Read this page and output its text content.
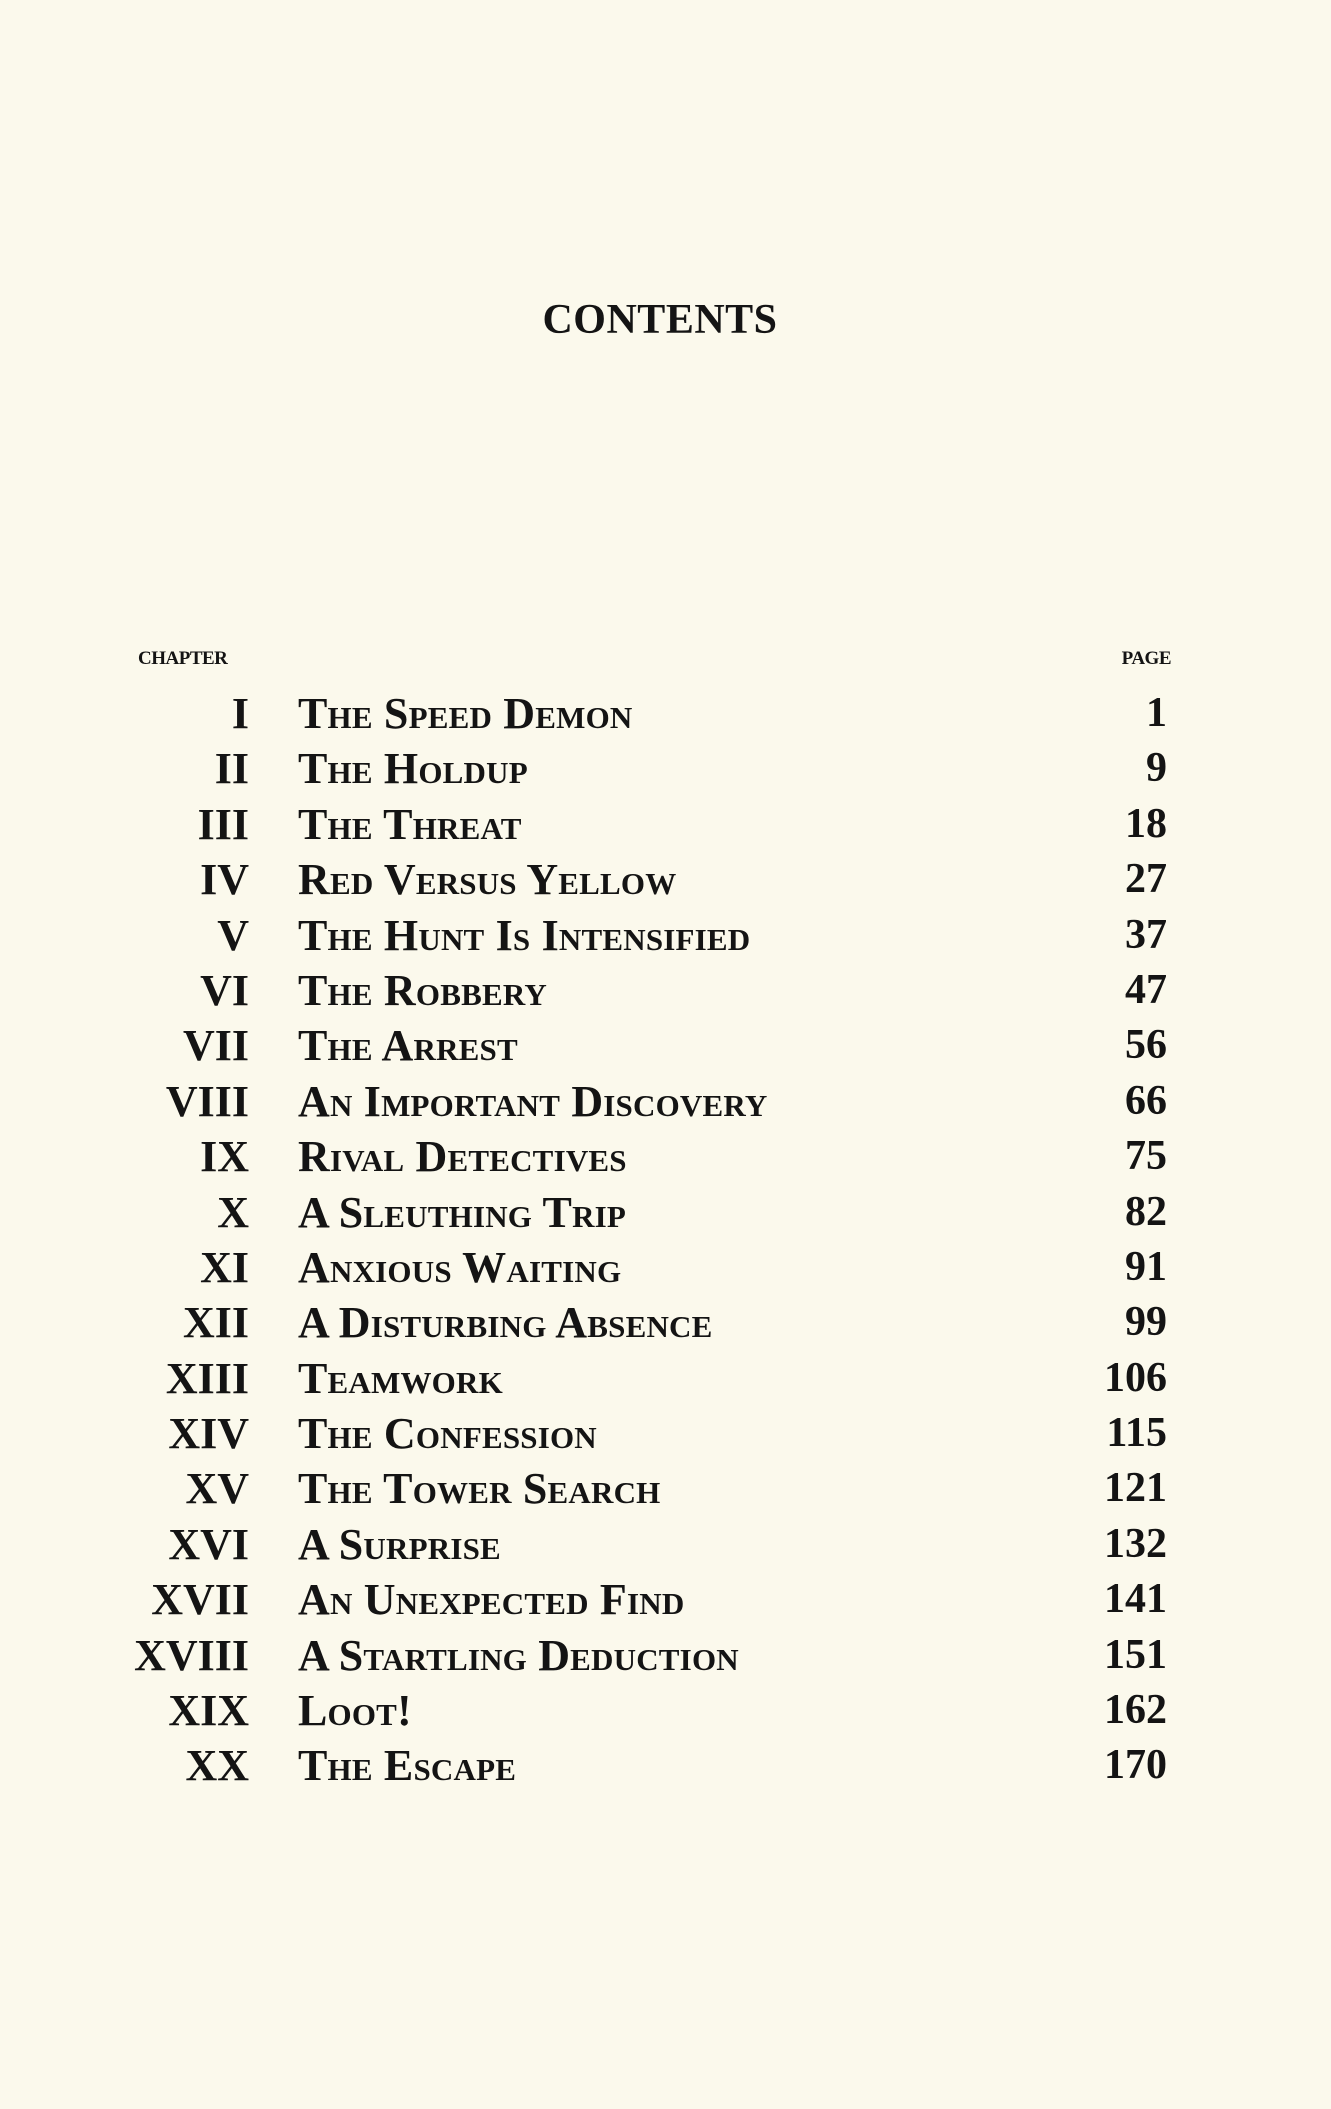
CONTENTS
CHAPTER	PAGE
I The Speed Demon	1
II The Holdup	9
III The Threat	18
IV Red Versus Yellow	27
V The Hunt Is Intensified	37
VI The Robbery	47
VII The Arrest	56
VIII An Important Discovery	66
IX Rival Detectives	75
X A Sleuthing Trip	82
XI Anxious Waiting	91
XII A Disturbing Absence	99
XIII Teamwork	106
XIV The Confession	115
XV The Tower Search	121
XVI A Surprise	132
XVII An Unexpected Find	141
XVIII A Startling Deduction	151
XIX Loot!	162
XX The Escape	170
